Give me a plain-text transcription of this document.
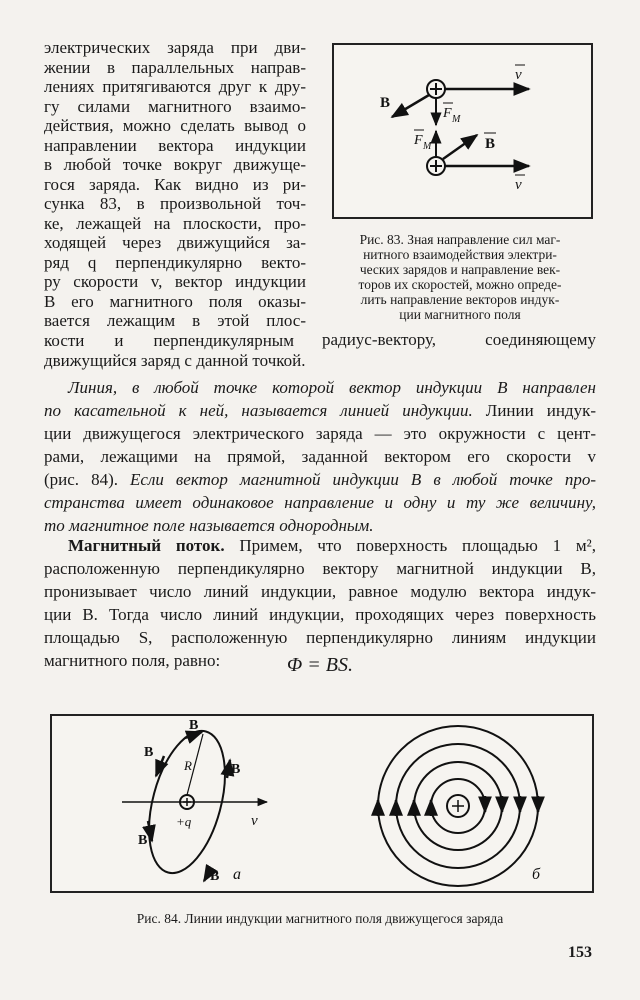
электрических заряда при дви-
жении в параллельных направ-
лениях притягиваются друг к дру-
гу силами магнитного взаимо-
действия, можно сделать вывод о
направлении вектора индукции
в любой точке вокруг движуще-
гося заряда. Как видно из ри-
сунка 83, в произвольной точ-
ке, лежащей на плоскости, про-
ходящей через движущийся за-
ряд q перпендикулярно векто-
ру скорости v, вектор индукции
B его магнитного поля оказы-
вается лежащим в этой плос-
кости и перпендикулярным радиус-вектору, соединяющему
движущийся заряд с данной точкой.
Линия, в любой точке которой вектор индукции B направлен
по касательной к ней, называется линией индукции. Линии индук-
ции движущегося электрического заряда — это окружности с цент-
рами, лежащими на прямой, заданной вектором его скорости v
(рис. 84). Если вектор магнитной индукции B в любой точке про-
странства имеет одинаковое направление и одну и ту же величину,
то магнитное поле называется однородным.
Магнитный поток. Примем, что поверхность площадью 1 м²,
расположенную перпендикулярно вектору магнитной индукции B,
пронизывает число линий индукции, равное модулю вектора индук-
ции B. Тогда число линий индукции, проходящих через поверхность
площадью S, расположенную перпендикулярно линиям индукции
магнитного поля, равно:	Φ = BS.
v
v
B
B
F M
F M
Рис. 83. Зная направление сил маг-
нитного взаимодействия электри-
ческих зарядов и направление век-
торов их скоростей, можно опреде-
лить направление векторов индук-
ции магнитного поля
B
B
B
B
B
R
+q	v
а	б
Рис. 84. Линии индукции магнитного поля движущегося заряда
153
